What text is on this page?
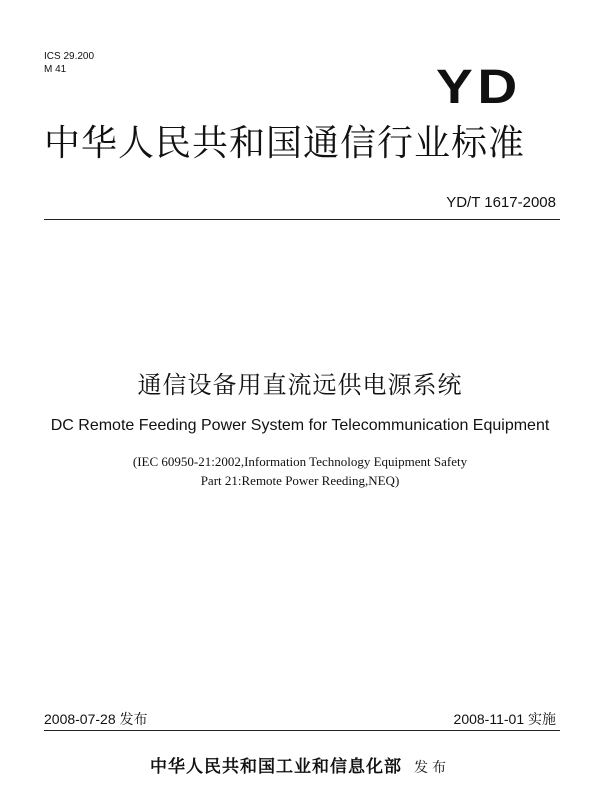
ICS 29.200
M 41	YD
中华人民共和国通信行业标准
YD/T 1617-2008
通信设备用直流远供电源系统
DC Remote Feeding Power System for Telecommunication Equipment
(IEC 60950-21:2002,Information Technology Equipment Safety
Part 21:Remote Power Reeding,NEQ)
2008-07-28 发布	2008-11-01 实施
中华人民共和国工业和信息化部 发布
